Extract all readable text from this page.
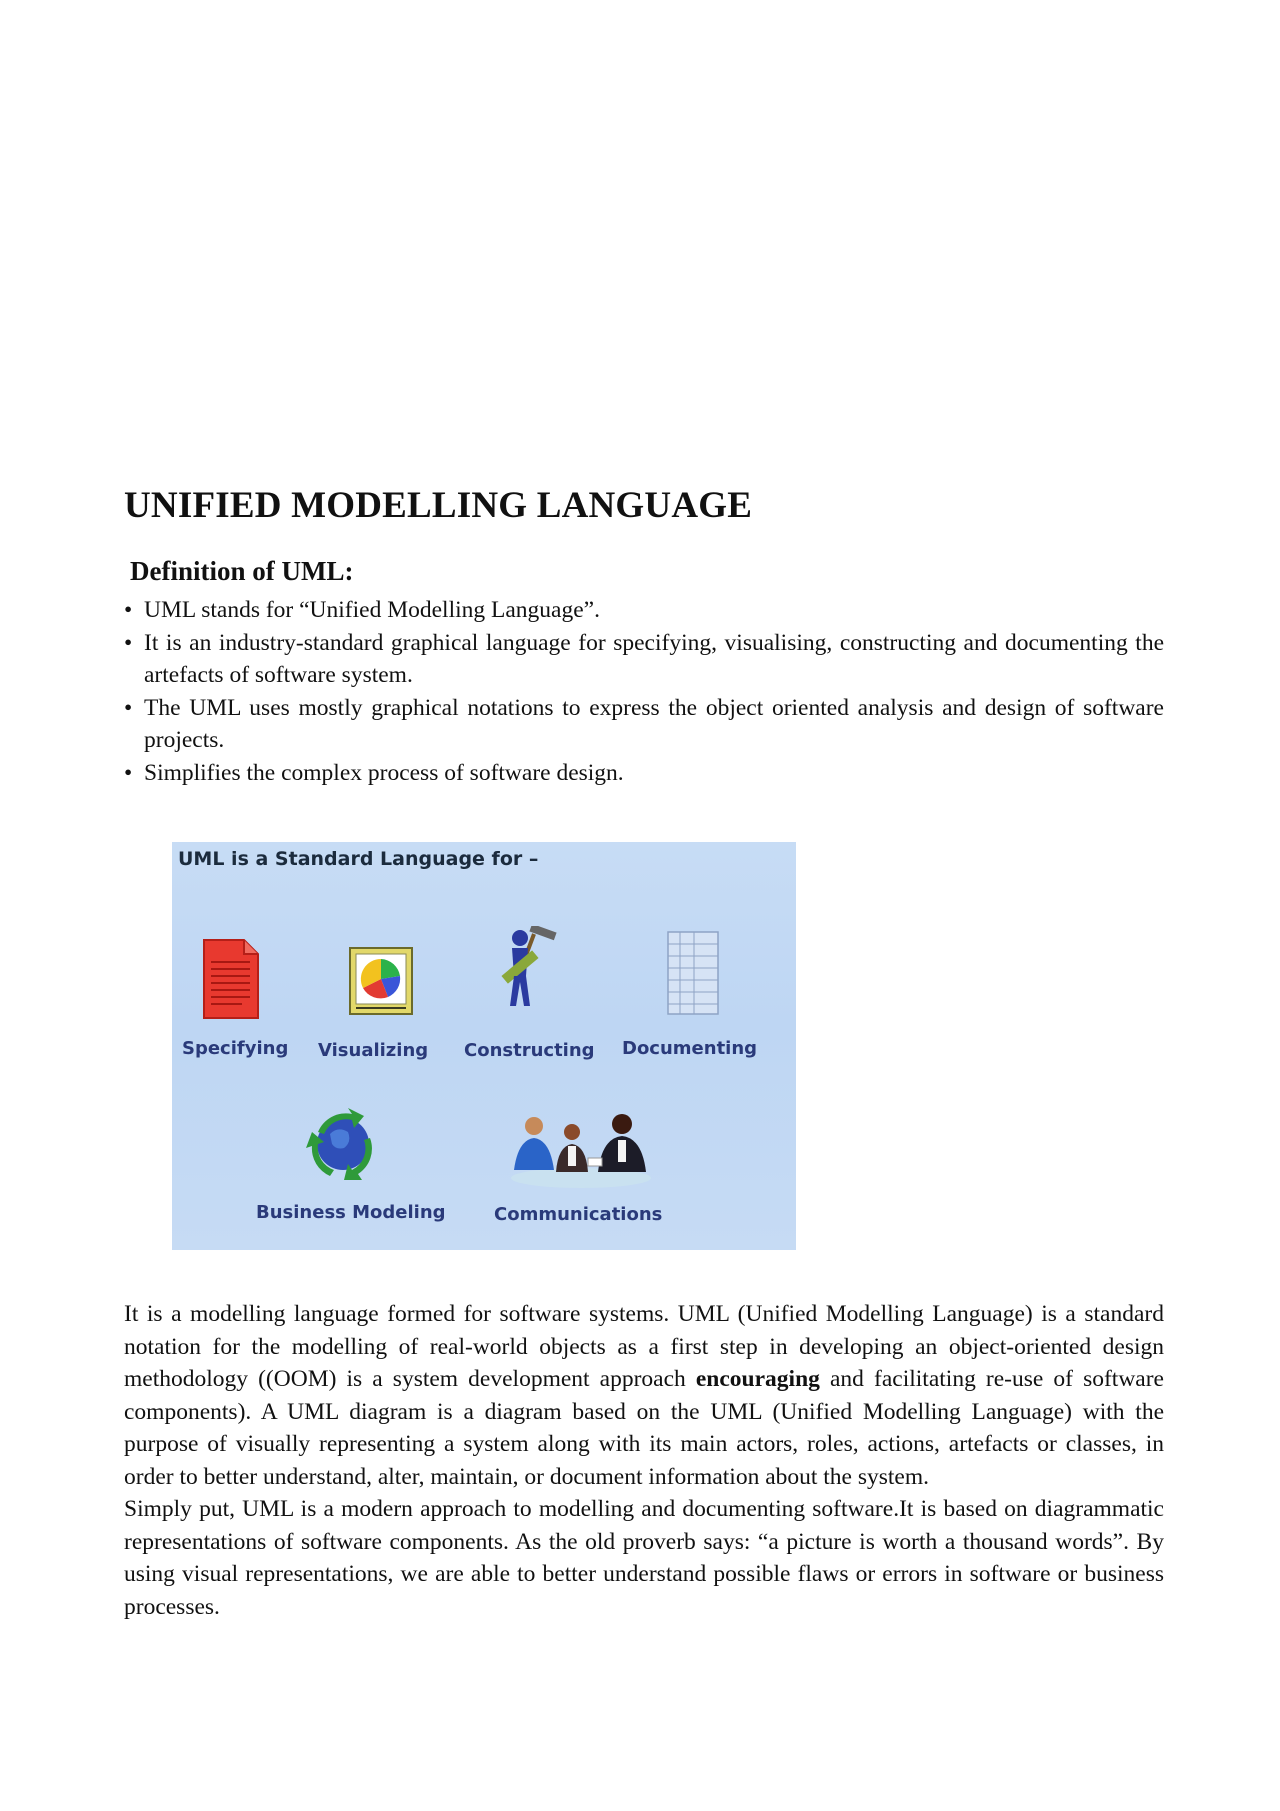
UNIFIED MODELLING LANGUAGE
Definition of UML:
• UML stands for “Unified Modelling Language”.
• It is an industry-standard graphical language for specifying, visualising, constructing and documenting the artefacts of software system.
• The UML uses mostly graphical notations to express the object oriented analysis and design of software projects.
• Simplifies the complex process of software design.
UML is a Standard Language for –
Specifying Visualizing Constructing Documenting
Business Modeling	Communications

It is a modelling language formed for software systems. UML (Unified Modelling Language) is a standard notation for the modelling of real-world objects as a first step in developing an object-oriented design methodology ((OOM) is a system development approach encouraging and facilitating re-use of software components). A UML diagram is a diagram based on the UML (Unified Modelling Language) with the purpose of visually representing a system along with its main actors, roles, actions, artefacts or classes, in order to better understand, alter, maintain, or document information about the system.

Simply put, UML is a modern approach to modelling and documenting software.It is based on diagrammatic representations of software components. As the old proverb says: “a picture is worth a thousand words”. By using visual representations, we are able to better understand possible flaws or errors in software or business processes.
